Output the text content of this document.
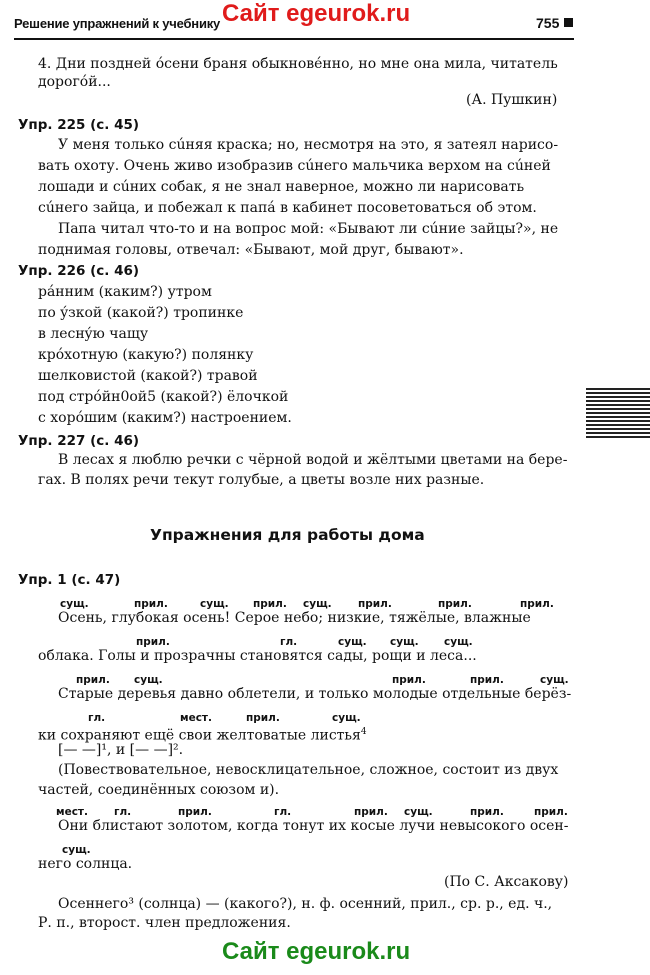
Решение упражнений к учебнику Сайт egeurok.ru	755
4. Дни поздней óсени браня обыкновéнно, но мне она мила, читатель
дорогóй...
(А. Пушкин)
Упр. 225 (с. 45)
У меня только сúняя краска; но, несмотря на это, я затеял нарисо-
вать охоту. Очень живо изобразив сúнего мальчика верхом на сúней
лошади и сúних собак, я не знал наверное, можно ли нарисовать
сúнего зайца, и побежал к папá в кабинет посоветоваться об этом.
Папа читал что-то и на вопрос мой: «Бывают ли сúние зайцы?», не
поднимая головы, отвечал: «Бывают, мой друг, бывают».
Упр. 226 (с. 46)
рáнним (каким?) утром
по ýзкой (какой?) тропинке
в леснýю чащу
крóхотную (какую?) полянку
шелковистой (какой?) травой
под стрóйн0ой5 (какой?) ёлочкой
с хорóшим (каким?) настроением.
Упр. 227 (с. 46)
В лесах я люблю речки с чёрной водой и жёлтыми цветами на бере-
гах. В полях речи текут голубые, а цветы возле них разные.
Упражнения для работы дома
Упр. 1 (с. 47)
сущ.	прил.	сущ. прил. сущ.	прил.	прил.	прил.
Осень, глубокая осень! Серое небо; низкие, тяжёлые, влажные
прил.	гл.	сущ. сущ. сущ.
облака. Голы и прозрачны становятся сады, рощи и леса...
прил. сущ.	прил.	прил.	сущ.
Старые деревья давно облетели, и только молодые отдельные берёз-
гл.	мест.	прил.	сущ.
ки сохраняют ещё свои желтоватые листья$^4$
[— —]¹, и [— —]².
(Повествовательное, невосклицательное, сложное, состоит из двух
частей, соединённых союзом и).
мест. гл.	прил.	гл.	прил. сущ.	прил.	прил.
Они блистают золотом, когда тонут их косые лучи невысокого осен-
сущ.
него солнца.
(По С. Аксакову)
Осеннего³ (солнца) — (какого?), н. ф. осенний, прил., ср. р., ед. ч.,
Р. п., второст. член предложения.
Сайт egeurok.ru
